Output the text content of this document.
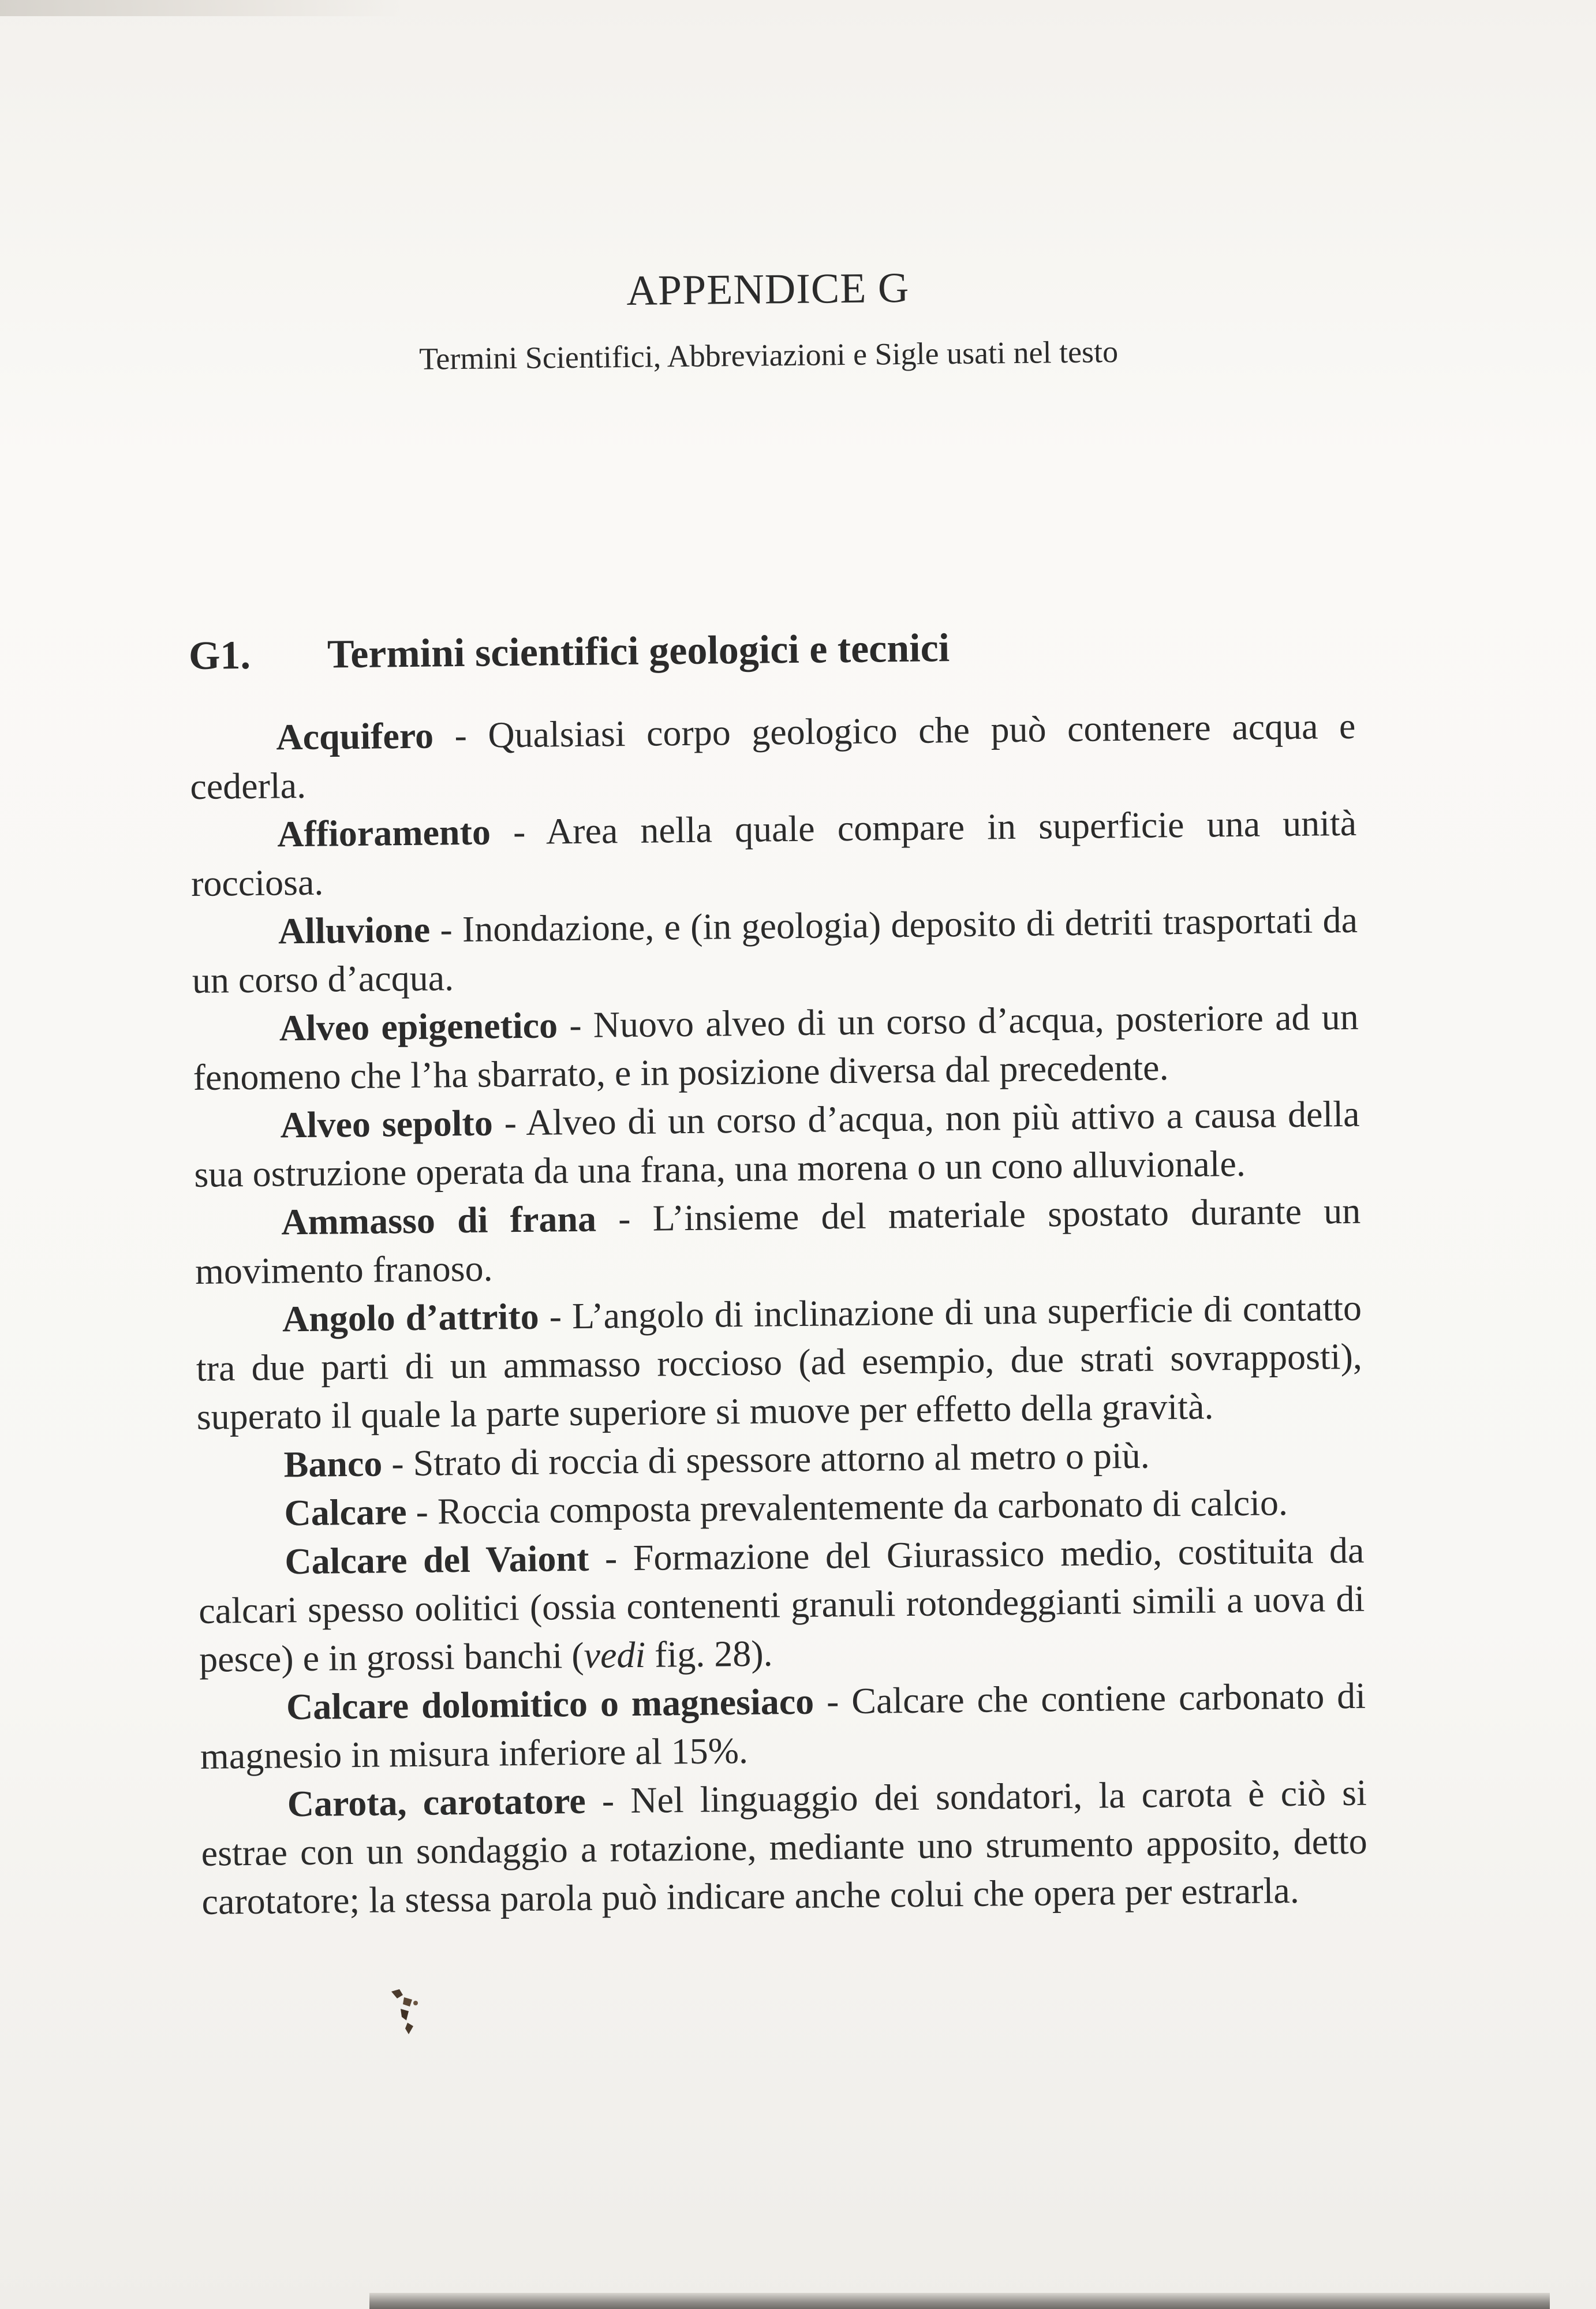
APPENDICE G

Termini Scientifici, Abbreviazioni e Sigle usati nel testo

G1.	Termini scientifici geologici e tecnici

Acquifero - Qualsiasi corpo geologico che può contenere acqua e cederla.

Affioramento - Area nella quale compare in superficie una unità rocciosa.

Alluvione - Inondazione, e (in geologia) deposito di detriti trasportati da un corso d’acqua.

Alveo epigenetico - Nuovo alveo di un corso d’acqua, posteriore ad un fenomeno che l’ha sbarrato, e in posizione diversa dal precedente.

Alveo sepolto - Alveo di un corso d’acqua, non più attivo a causa della sua ostruzione operata da una frana, una morena o un cono alluvionale.

Ammasso di frana - L’insieme del materiale spostato durante un movimento franoso.

Angolo d’attrito - L’angolo di inclinazione di una superficie di contatto tra due parti di un ammasso roccioso (ad esempio, due strati sovrapposti), superato il quale la parte superiore si muove per effetto della gravità.

Banco - Strato di roccia di spessore attorno al metro o più.

Calcare - Roccia composta prevalentemente da carbonato di calcio.

Calcare del Vaiont - Formazione del Giurassico medio, costituita da calcari spesso oolitici (ossia contenenti granuli rotondeggianti simili a uova di pesce) e in grossi banchi (vedi fig. 28).

Calcare dolomitico o magnesiaco - Calcare che contiene carbonato di magnesio in misura inferiore al 15%.

Carota, carotatore - Nel linguaggio dei sondatori, la carota è ciò si estrae con un sondaggio a rotazione, mediante uno strumento apposito, detto carotatore; la stessa parola può indicare anche colui che opera per estrarla.
